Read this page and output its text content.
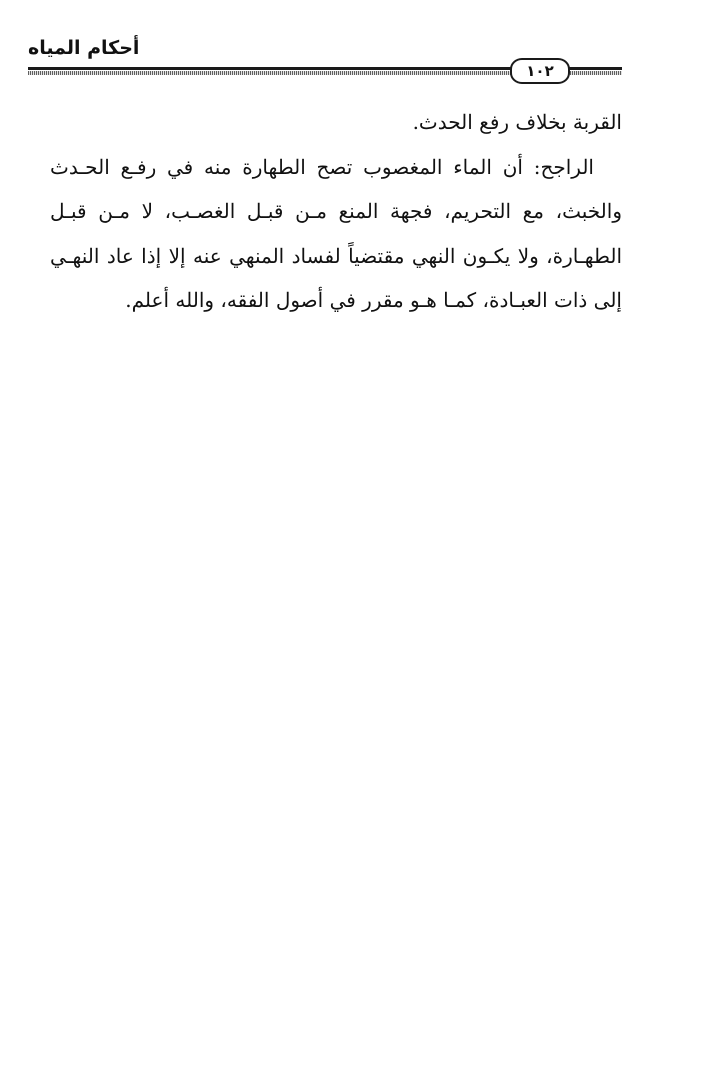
أحكام المياه
١٠٢

القربة بخلاف رفع الحدث.

الراجح: أن الماء المغصوب تصح الطهارة منه في رفـع الحـدث والخبث، مع التحريم، فجهة المنع مـن قبـل الغصـب، لا مـن قبـل الطهـارة، ولا يكـون النهي مقتضياً لفساد المنهي عنه إلا إذا عاد النهـي إلى ذات العبـادة، كمـا هـو مقرر في أصول الفقه، والله أعلم.
